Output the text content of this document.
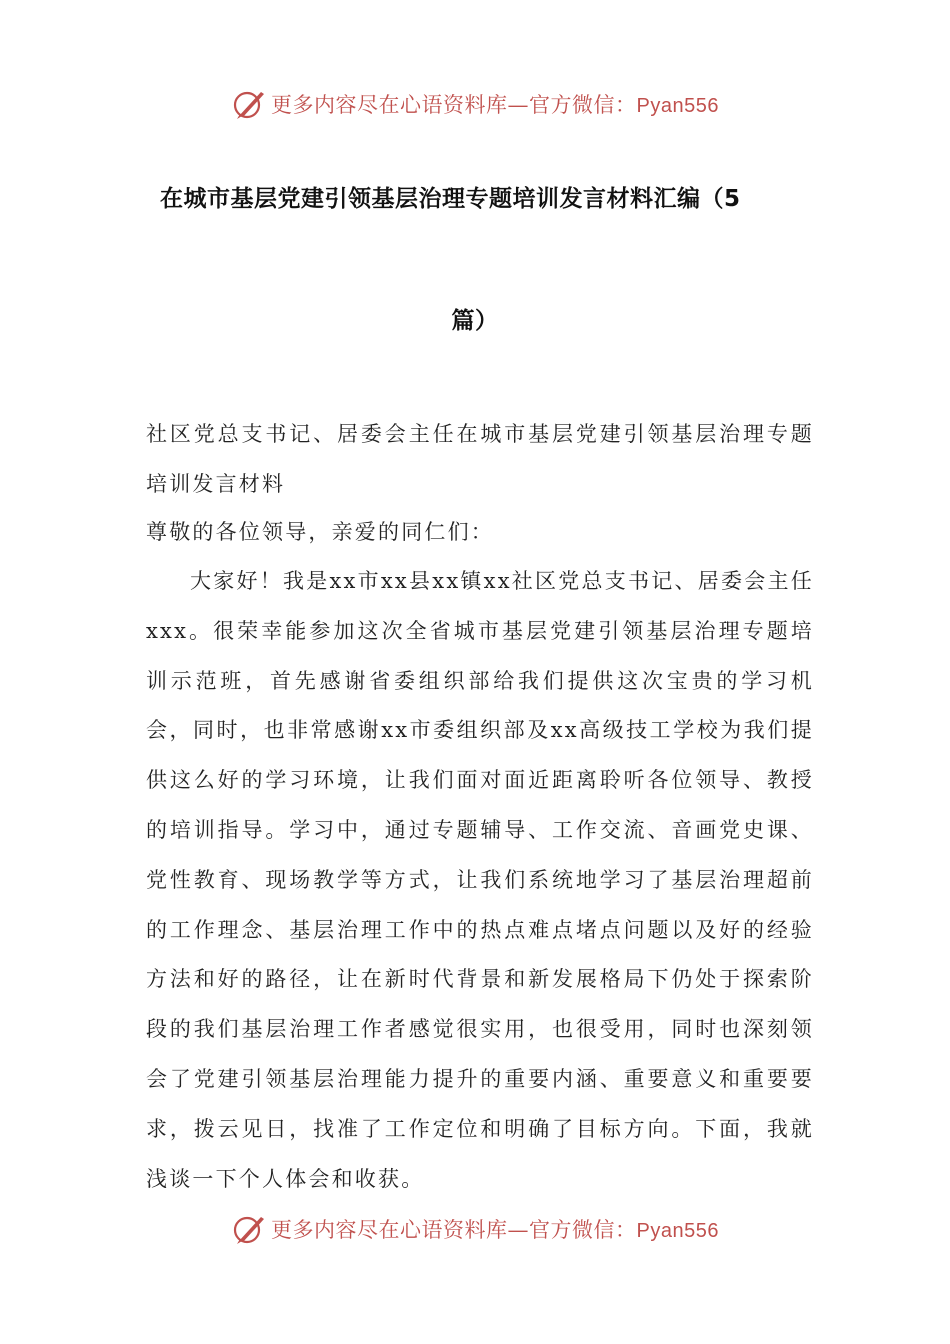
更多内容尽在心语资料库—官方微信：Pyan556
在城市基层党建引领基层治理专题培训发言材料汇编（5
篇）

社区党总支书记、居委会主任在城市基层党建引领基层治理专题培训发言材料

尊敬的各位领导，亲爱的同仁们：

大家好！我是xx市xx县xx镇xx社区党总支书记、居委会主任xxx。很荣幸能参加这次全省城市基层党建引领基层治理专题培训示范班，首先感谢省委组织部给我们提供这次宝贵的学习机会，同时，也非常感谢xx市委组织部及xx高级技工学校为我们提供这么好的学习环境，让我们面对面近距离聆听各位领导、教授的培训指导。学习中，通过专题辅导、工作交流、音画党史课、党性教育、现场教学等方式，让我们系统地学习了基层治理超前的工作理念、基层治理工作中的热点难点堵点问题以及好的经验方法和好的路径，让在新时代背景和新发展格局下仍处于探索阶段的我们基层治理工作者感觉很实用，也很受用，同时也深刻领会了党建引领基层治理能力提升的重要内涵、重要意义和重要要求，拨云见日，找准了工作定位和明确了目标方向。下面，我就浅谈一下个人体会和收获。

更多内容尽在心语资料库—官方微信：Pyan556
